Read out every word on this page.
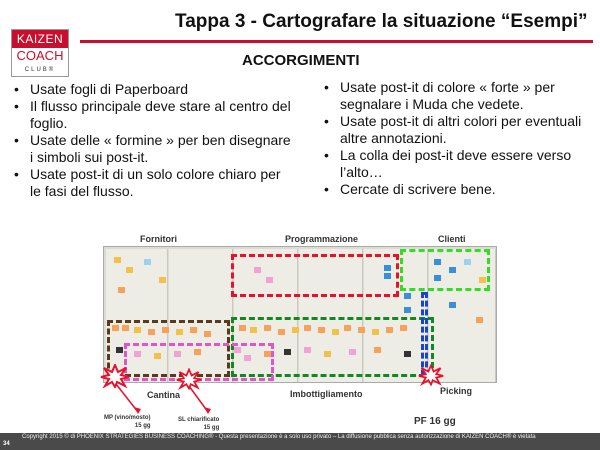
KAIZEN
COACH
CLUB®
Tappa 3 - Cartografare la situazione “Esempi”
ACCORGIMENTI
• Usate fogli di Paperboard
• Il flusso principale deve stare al centro del foglio.
• Usate delle « formine » per ben disegnare i simboli sui post-it.
• Usate post-it di un solo colore chiaro per le fasi del flusso.
• Usate post-it di colore « forte » per segnalare i Muda che vedete.
• Usate post-it di altri colori per eventuali altre annotazioni.
• La colla dei post-it deve essere verso l’alto…
• Cercate di scrivere bene.
Fornitori	Programmazione	Clienti
Cantina	Imbottigliamento	Picking
MP (vino/mosto)
15 gg
SL chiarificato
15 gg
PF 16 gg
Copyright 2015 © di PHOENIX STRATEGIES BUSINESS COACHING® - Questa presentazione è a solo uso privato – La diffusione pubblica senza autorizzazione di KAIZEN COACH® è vietata
34
